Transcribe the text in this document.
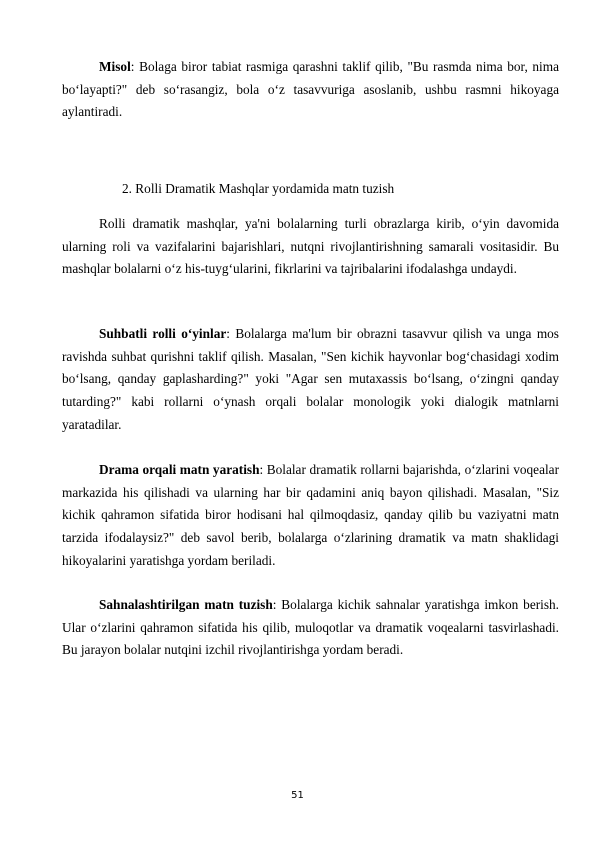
Misol: Bolaga biror tabiat rasmiga qarashni taklif qilib, "Bu rasmda nima bor, nima bo‘layapti?" deb so‘rasangiz, bola o‘z tasavvuriga asoslanib, ushbu rasmni hikoyaga aylantiradi.

2. Rolli Dramatik Mashqlar yordamida matn tuzish

Rolli dramatik mashqlar, ya'ni bolalarning turli obrazlarga kirib, o‘yin davomida ularning roli va vazifalarini bajarishlari, nutqni rivojlantirishning samarali vositasidir. Bu mashqlar bolalarni o‘z his-tuyg‘ularini, fikrlarini va tajribalarini ifodalashga undaydi.

Suhbatli rolli o‘yinlar: Bolalarga ma'lum bir obrazni tasavvur qilish va unga mos ravishda suhbat qurishni taklif qilish. Masalan, "Sen kichik hayvonlar bog‘chasidagi xodim bo‘lsang, qanday gaplasharding?" yoki "Agar sen mutaxassis bo‘lsang, o‘zingni qanday tutarding?" kabi rollarni o‘ynash orqali bolalar monologik yoki dialogik matnlarni yaratadilar.

Drama orqali matn yaratish: Bolalar dramatik rollarni bajarishda, o‘zlarini voqealar markazida his qilishadi va ularning har bir qadamini aniq bayon qilishadi. Masalan, "Siz kichik qahramon sifatida biror hodisani hal qilmoqdasiz, qanday qilib bu vaziyatni matn tarzida ifodalaysiz?" deb savol berib, bolalarga o‘zlarining dramatik va matn shaklidagi hikoyalarini yaratishga yordam beriladi.

Sahnalashtirilgan matn tuzish: Bolalarga kichik sahnalar yaratishga imkon berish. Ular o‘zlarini qahramon sifatida his qilib, muloqotlar va dramatik voqealarni tasvirlashadi. Bu jarayon bolalar nutqini izchil rivojlantirishga yordam beradi.

51
